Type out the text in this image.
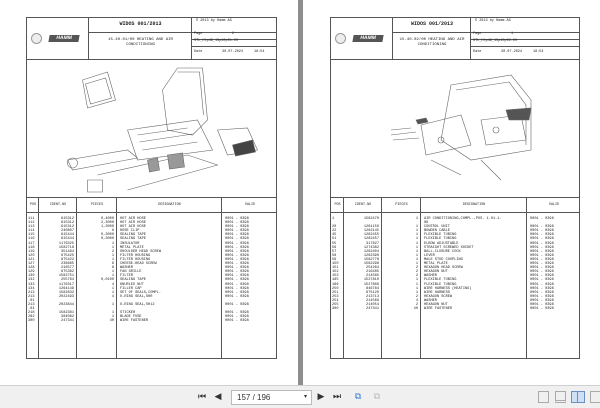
HAMM
WIDOS 001/2013
15.40.01/00 HEATING AND AIR
CONDITIONING
© 2013 by Hamm AG
Page	2
STL_Hlp49_15p40p01-00
Date	30.07.2024	18:54
POS	IDENT-NO	PIECES	DESIGNATION	VALID
111	615312	0,4000 HOT AIR HOSE	0001 - 0398
112	615312	2,3000 HOT AIR HOSE	0001 - 0398
113	615312	1,3000 HOT AIR HOSE	0001 - 0398
114	240807	8 HOSE CLIP	0001 - 0398
115	615444	0,3000 SEALING TAPE	0001 - 0398
116	615444	0,3000 SEALING TAPE	0001 - 0398
117	1176325	1 INSULATOR	0001 - 0398
118	1582718	1 METAL PLATE	0001 - 0398
119	351484	2 SHOULDER HEAD SCREW	0001 - 0398
120	875425	1 FILTER HOUSING	0001 - 0398
121	875422	1 FILTER HOUSING	0001 - 0398
127	236685	6 CHEESE-HEAD SCREW	0001 - 0398
128	216577	6 WASHER	0001 - 0398
129	875382	1 FAN GRILLE	0001 - 0398
130	1582751	1 FILTER	0001 - 0398
132	255764	0,0100 SEALING TAPE	0001 - 0398
133	1176317	4 KNURLED NUT	0001 - 0398
134	1264148	1 FILLER CAP	0001 - 0398
213	1582832	1 SET OF SEALS,COMPL.	0001 - 0398
213	2022493	4 O-RING SEAL,SHR	0001 - 0398
.01
213	2023844	1 O-RING SEAL,SH12	0001 - 0398
.04
218	1582381	1 STICKER	0001 - 0398
282	384062	1 BLADE FUSE	0001 - 0398
300	247341	40 WIRE FASTENER	0001 - 0398
HAMM
WIDOS 001/2013
15.40.02/00 HEATING AND AIR
CONDITIONING
© 2013 by Hamm AG
Page	1
STL_Hlp49_15p40p02-00
Date	30.07.2024	18:54
POS	IDENT-NO	PIECES	DESIGNATION	VALID
1	1582470	1 AIR CONDITIONING,COMPL.,POS. 1.01-1.	0001 - 0398
06
20	1261150	1 CONTROL UNIT	0001 - 0398
22	1262145	1 BOWDEN CABLE	0001 - 0398
45	1282455	1 FLEXIBLE TUBING	0001 - 0398
51	1282457	1 FLEXIBLE TUBING	0001 - 0398
55	317827	1 ELBOW ADJUSTABLE	0001 - 0398
56	1274382	1 STRAIGHT SCREWED SOCKET	0001 - 0398
57	1262404	1 BALL-CLOSURE COCK	0001 - 0398
58	1262390	1 LEVER	0001 - 0398
59	1582778	1 MALE STUD COUPLING	0001 - 0398
150	1582298	1 METAL PLATE	0001 - 0398
151	254264	2 HEXAGON HEAD SCREW	0001 - 0398
152	216485	2 HEXAGON NUT	0001 - 0398
153	214585	2 WASHER	0001 - 0398
185	1527810	1 FLEXIBLE TUBING	0001 - 0398
186	1527809	1 FLEXIBLE TUBING	0001 - 0398
250	846784	1 WIRE HARNESS (HEATING)	0001 - 0398
251	875120	1 WIRE HARNESS	0001 - 0398
253	213713	2 HEXAGON SCREW	0001 - 0398
254	214569	4 WASHER	0001 - 0398
255	214054	2 HEXAGON NUT	0001 - 0398
300	247341	40 WIRE FASTENER	0001 - 0398
⏮ ◀	157 / 196	▾ ▶ ⏭	⧉	⧉
